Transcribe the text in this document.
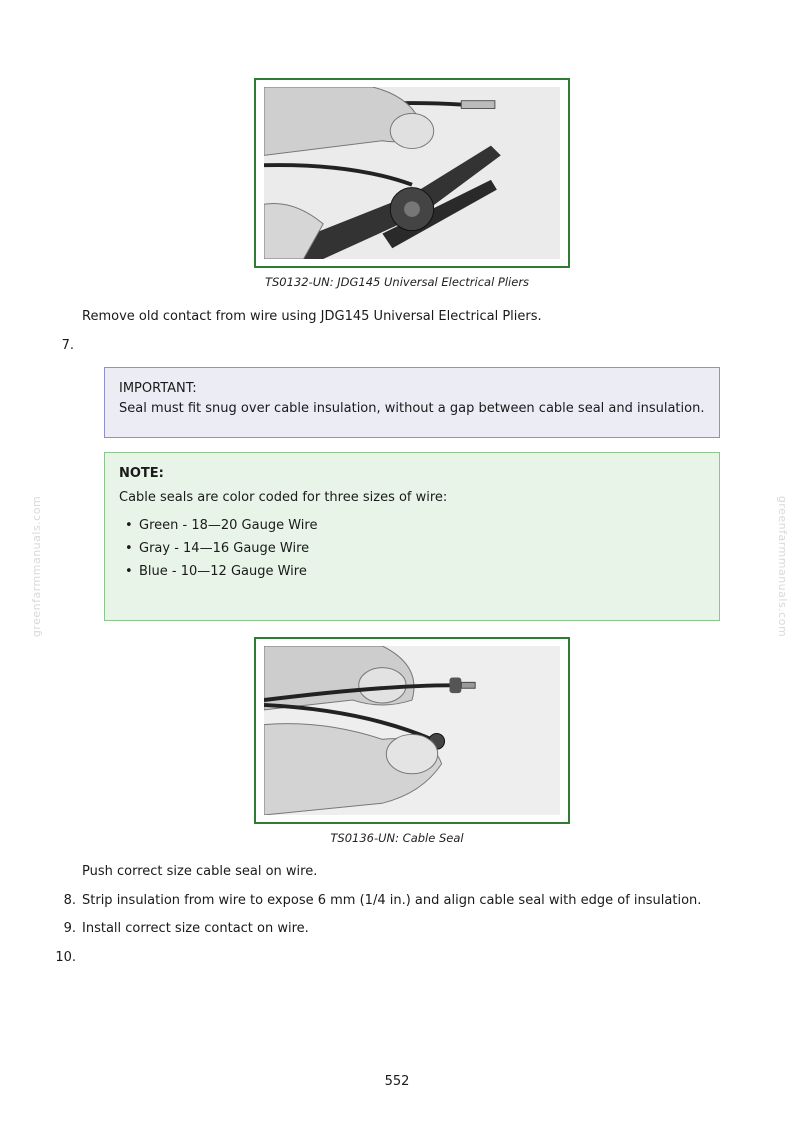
TS0132-UN: JDG145 Universal Electrical Pliers
Remove old contact from wire using JDG145 Universal Electrical Pliers.
7.
IMPORTANT:
Seal must fit snug over cable insulation, without a gap between cable seal and insulation.
NOTE:
Cable seals are color coded for three sizes of wire:
• Green - 18—20 Gauge Wire
• Gray - 14—16 Gauge Wire
• Blue - 10—12 Gauge Wire
TS0136-UN: Cable Seal
Push correct size cable seal on wire.
8. Strip insulation from wire to expose 6 mm (1/4 in.) and align cable seal with edge of insulation.
9. Install correct size contact on wire.
10.
greenfarmmanuals.com	greenfarmmanuals.com
552
